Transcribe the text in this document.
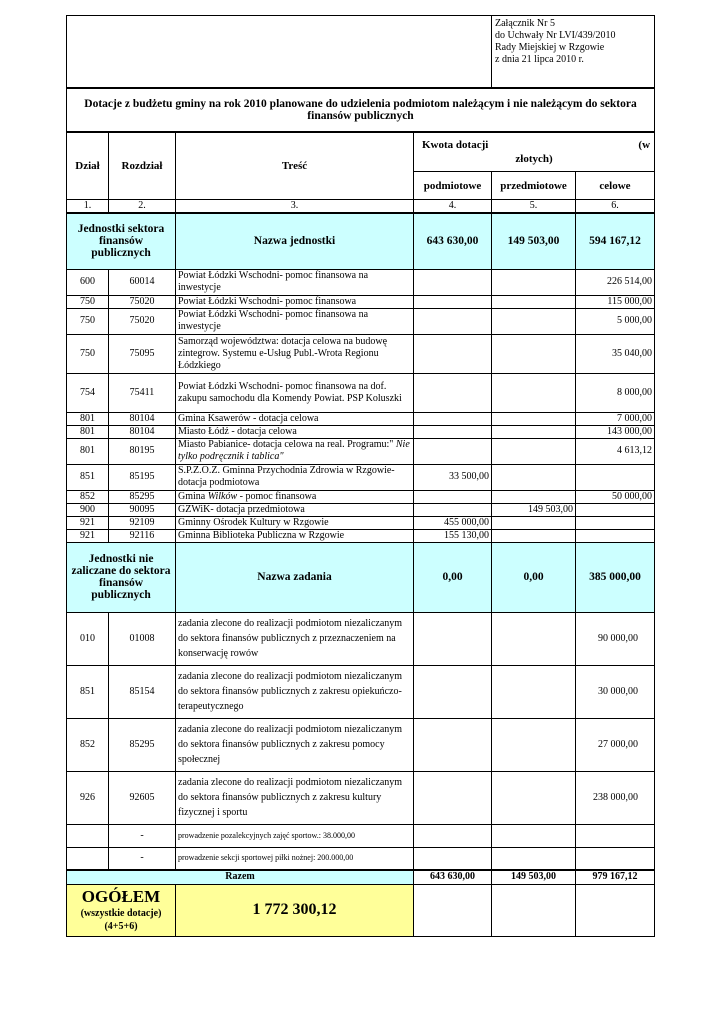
				Załącznik Nr 5
do Uchwały Nr LVI/439/2010
Rady Miejskiej w Rzgowie
z dnia 21 lipca 2010 r.	

Dotacje z budżetu gminy na rok 2010 planowane do udzielenia podmiotom należącym i nie należącym do sektora finansów publicznych					
Dział	Rozdział	Treść	Kwota dotacji (w
złotych)		

			podmiotowe	przedmiotowe	celowe
1.	2.	3.	4.	5.	6.
Jednostki sektora finansów publicznych		Nazwa jednostki	643 630,00	149 503,00	594 167,12
600	60014	Powiat Łódzki Wschodni- pomoc finansowa na inwestycje			226 514,00
750	75020	Powiat Łódzki Wschodni- pomoc finansowa			115 000,00
750	75020	Powiat Łódzki Wschodni- pomoc finansowa na inwestycje			5 000,00
750	75095	Samorząd województwa: dotacja celowa na budowę zintegrow. Systemu e-Usług Publ.-Wrota Regionu Łódzkiego			35 040,00
754	75411	Powiat Łódzki Wschodni- pomoc finansowa na dof. zakupu samochodu dla Komendy Powiat. PSP Koluszki			8 000,00
801	80104	Gmina Ksawerów - dotacja celowa			7 000,00
801	80104	Miasto Łódź - dotacja celowa			143 000,00
801	80195	Miasto Pabianice- dotacja celowa na real. Programu:" Nie tylko podręcznik i tablica"			4 613,12
851	85195	S.P.Z.O.Z. Gminna Przychodnia Zdrowia w Rzgowie- dotacja podmiotowa	33 500,00		
852	85295	Gmina Wilków - pomoc finansowa			50 000,00
900	90095	GZWiK- dotacja przedmiotowa		149 503,00	
921	92109	Gminny Ośrodek Kultury w Rzgowie	455 000,00		
921	92116	Gminna Biblioteka Publiczna w Rzgowie	155 130,00		
Jednostki nie zaliczane do sektora finansów publicznych		Nazwa zadania	0,00	0,00	385 000,00
010	01008	zadania zlecone do realizacji podmiotom niezaliczanym do sektora finansów publicznych z przeznaczeniem na konserwację rowów			90 000,00
851	85154	zadania zlecone do realizacji podmiotom niezaliczanym do sektora finansów publicznych z zakresu opiekuńczo-terapeutycznego			30 000,00
852	85295	zadania zlecone do realizacji podmiotom niezaliczanym do sektora finansów publicznych z zakresu pomocy społecznej			27 000,00
926	92605	zadania zlecone do realizacji podmiotom niezaliczanym do sektora finansów publicznych z zakresu kultury fizycznej i sportu			238 000,00
	-	prowadzenie pozalekcyjnych zajęć sportow.: 38.000,00			
	-	prowadzenie sekcji sportowej piłki nożnej: 200.000,00			
Razem			643 630,00	149 503,00	979 167,12

OGÓŁEM
(wszystkie dotacje)
(4+5+6)		1 772 300,12			
